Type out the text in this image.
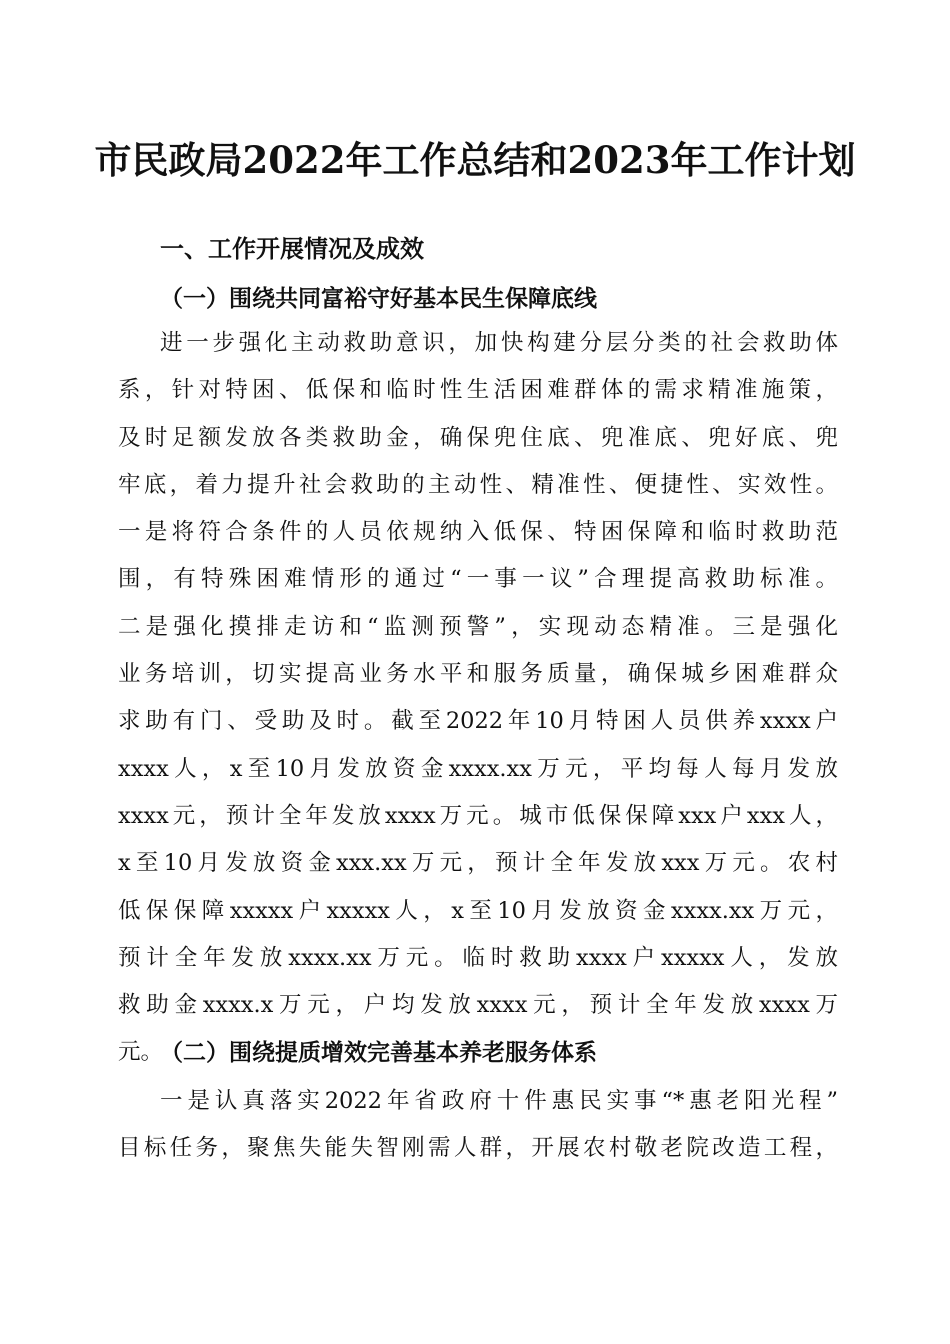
市民政局2022年工作总结和2023年工作计划
一、工作开展情况及成效
（一）围绕共同富裕守好基本民生保障底线
进一步强化主动救助意识，加快构建分层分类的社会救助体
系，针对特困、低保和临时性生活困难群体的需求精准施策，
及时足额发放各类救助金，确保兜住底、兜准底、兜好底、兜
牢底，着力提升社会救助的主动性、精准性、便捷性、实效性。
一是将符合条件的人员依规纳入低保、特困保障和临时救助范
围，有特殊困难情形的通过“一事一议”合理提高救助标准。
二是强化摸排走访和“监测预警”，实现动态精准。三是强化
业务培训，切实提高业务水平和服务质量，确保城乡困难群众
求助有门、受助及时。截至2022年10月特困人员供养xxxx户
xxxx人，x至10月发放资金xxxx.xx万元，平均每人每月发放
xxxx元，预计全年发放xxxx万元。城市低保保障xxx户xxx人，
x至10月发放资金xxx.xx万元，预计全年发放xxx万元。农村
低保保障xxxxx户xxxxx人，x至10月发放资金xxxx.xx万元，
预计全年发放xxxx.xx万元。临时救助xxxx户xxxxx人，发放
救助金xxxx.x万元，户均发放xxxx元，预计全年发放xxxx万
元。
（二）围绕提质增效完善基本养老服务体系
一是认真落实2022年省政府十件惠民实事“*惠老阳光程”
目标任务，聚焦失能失智刚需人群，开展农村敬老院改造工程，
